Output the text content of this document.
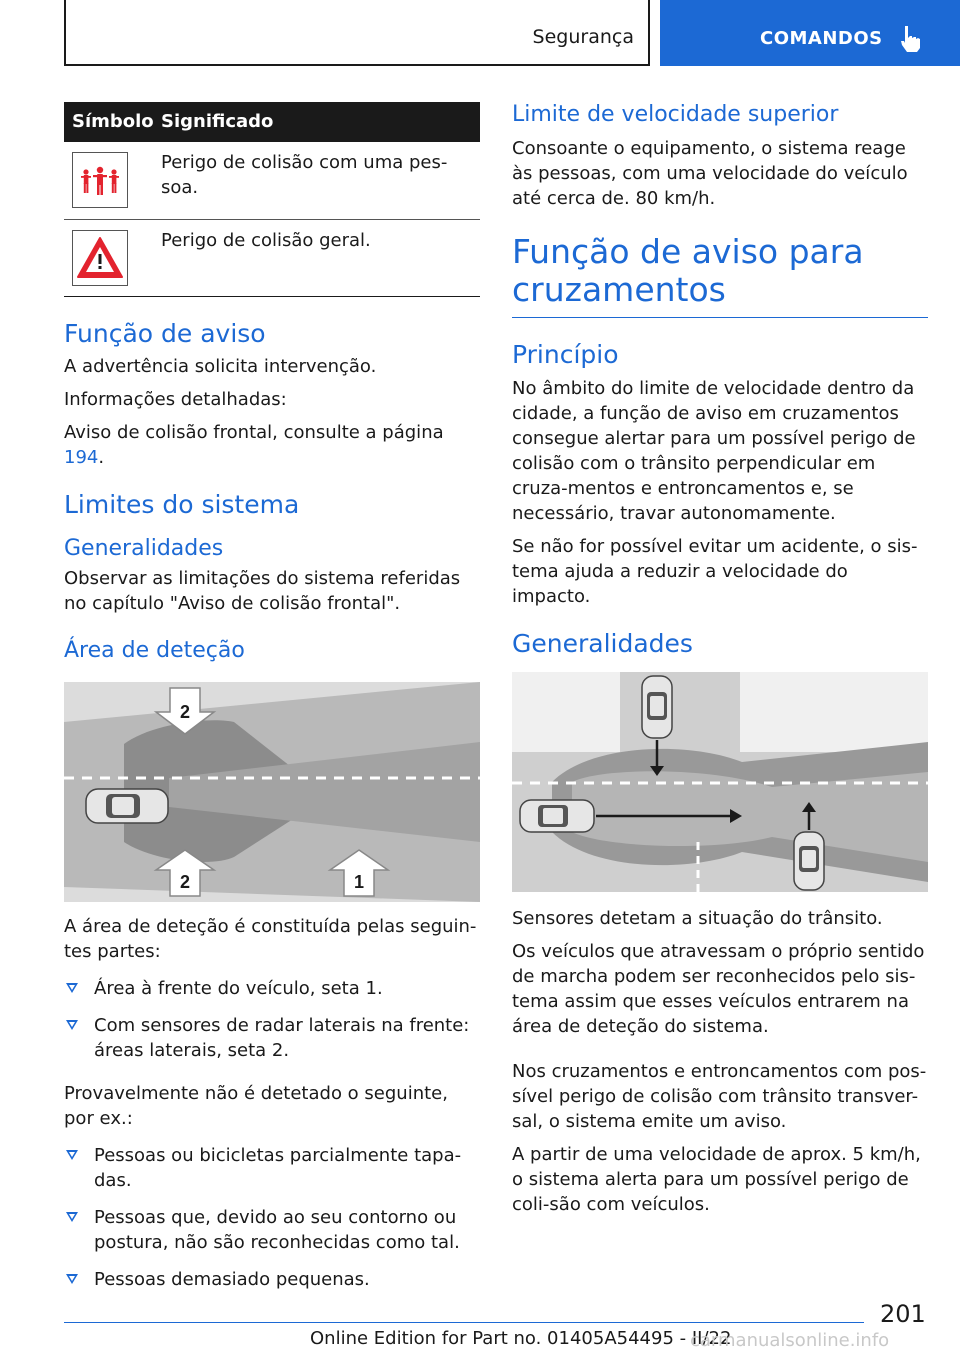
Segurança	COMANDOS
Símbolo Significado
Perigo de colisão com uma pes-soa.
Perigo de colisão geral.
Função de aviso
A advertência solicita intervenção.
Informações detalhadas:
Aviso de colisão frontal, consulte a página 194.
Limites do sistema
Generalidades
Observar as limitações do sistema referidas no capítulo "Aviso de colisão frontal".
Área de deteção
2
2	1
A área de deteção é constituída pelas seguin-tes partes:
Área à frente do veículo, seta 1.
Com sensores de radar laterais na frente: áreas laterais, seta 2.
Provavelmente não é detetado o seguinte, por ex.:
Pessoas ou bicicletas parcialmente tapa-das.
Pessoas que, devido ao seu contorno ou postura, não são reconhecidas como tal.
Pessoas demasiado pequenas.
Limite de velocidade superior
Consoante o equipamento, o sistema reage às pessoas, com uma velocidade do veículo até cerca de. 80 km/h.
Função de aviso para cruzamentos
Princípio
No âmbito do limite de velocidade dentro da cidade, a função de aviso em cruzamentos consegue alertar para um possível perigo de colisão com o trânsito perpendicular em cruza-mentos e entroncamentos e, se necessário, travar autonomamente.
Se não for possível evitar um acidente, o sis-tema ajuda a reduzir a velocidade do impacto.
Generalidades
Sensores detetam a situação do trânsito.
Os veículos que atravessam o próprio sentido de marcha podem ser reconhecidos pelo sis-tema assim que esses veículos entrarem na área de deteção do sistema.
Nos cruzamentos e entroncamentos com pos-sível perigo de colisão com trânsito transver-sal, o sistema emite um aviso.
A partir de uma velocidade de aprox. 5 km/h, o sistema alerta para um possível perigo de coli-são com veículos.
201
Online Edition for Part no. 01405A54495 - II/22
carmanualsonline.info
